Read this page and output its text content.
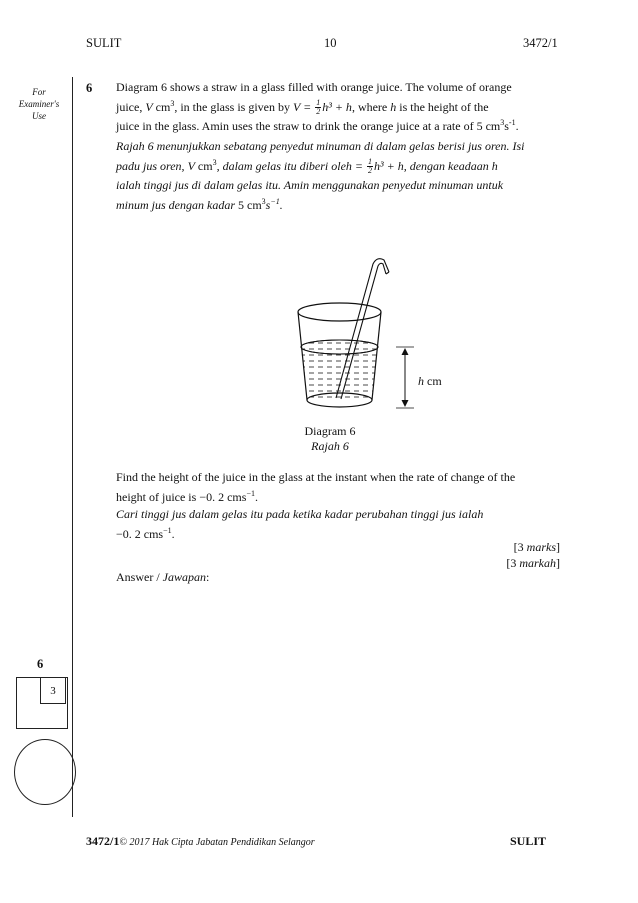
SULIT	10	3472/1
For Examiner's Use
6 Diagram 6 shows a straw in a glass filled with orange juice. The volume of orange
juice, V $cm^3$, in the glass is given by $V = \frac{1}{2} h^3 + h$, where h is the height of the
juice in the glass. Amin uses the straw to drink the orange juice at a rate of 5 $cm^3s^{-1}$.
Rajah 6 menunjukkan sebatang penyedut minuman di dalam gelas berisi jus oren. Isi
padu jus oren, V $cm^3$, dalam gelas itu diberi oleh = $\frac{1}{2} h^3 + h$, dengan keadaan h
ialah tinggi jus di dalam gelas itu. Amin menggunakan penyedut minuman untuk
minum jus dengan kadar 5 $cm^3s^{-1}$.
h cm
Diagram 6
Rajah 6
Find the height of the juice in the glass at the instant when the rate of change of the
height of juice is −0. 2 cms$^{-1}$.
Cari tinggi jus dalam gelas itu pada ketika kadar perubahan tinggi jus ialah
−0. 2 cms$^{-1}$.
[3 marks]
[3 markah]
Answer / Jawapan:
6
3
3472/1© 2017 Hak Cipta Jabatan Pendidikan Selangor	SULIT
